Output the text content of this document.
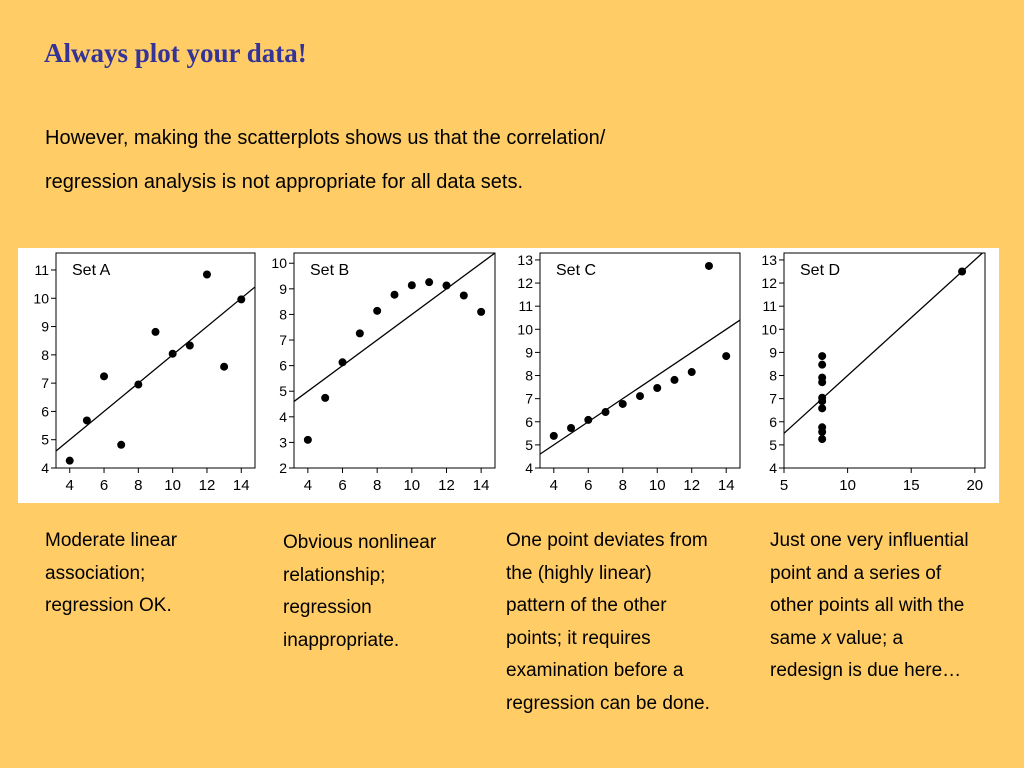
Always plot your data!
However, making the scatterplots shows us that the correlation/
regression analysis is not appropriate for all data sets.
4
5
6
7
8
9
10
11
4 6 8 10 12 14
Set A
2
3
4
5
6
7
8
9
10
4 6 8 10 12 14
Set B
4
5
6
7
8
9
10
11
12
13
4 6 8 10 12 14
Set C
4
5
6
7
8
9
10
11
12
13
5	10	15	20
Set D
Moderate linear
association;
regression OK.
Obvious nonlinear
relationship;
regression
inappropriate.
One point deviates from
the (highly linear)
pattern of the other
points; it requires
examination before a
regression can be done.
Just one very influential
point and a series of
other points all with the
same x value; a
redesign is due here…
